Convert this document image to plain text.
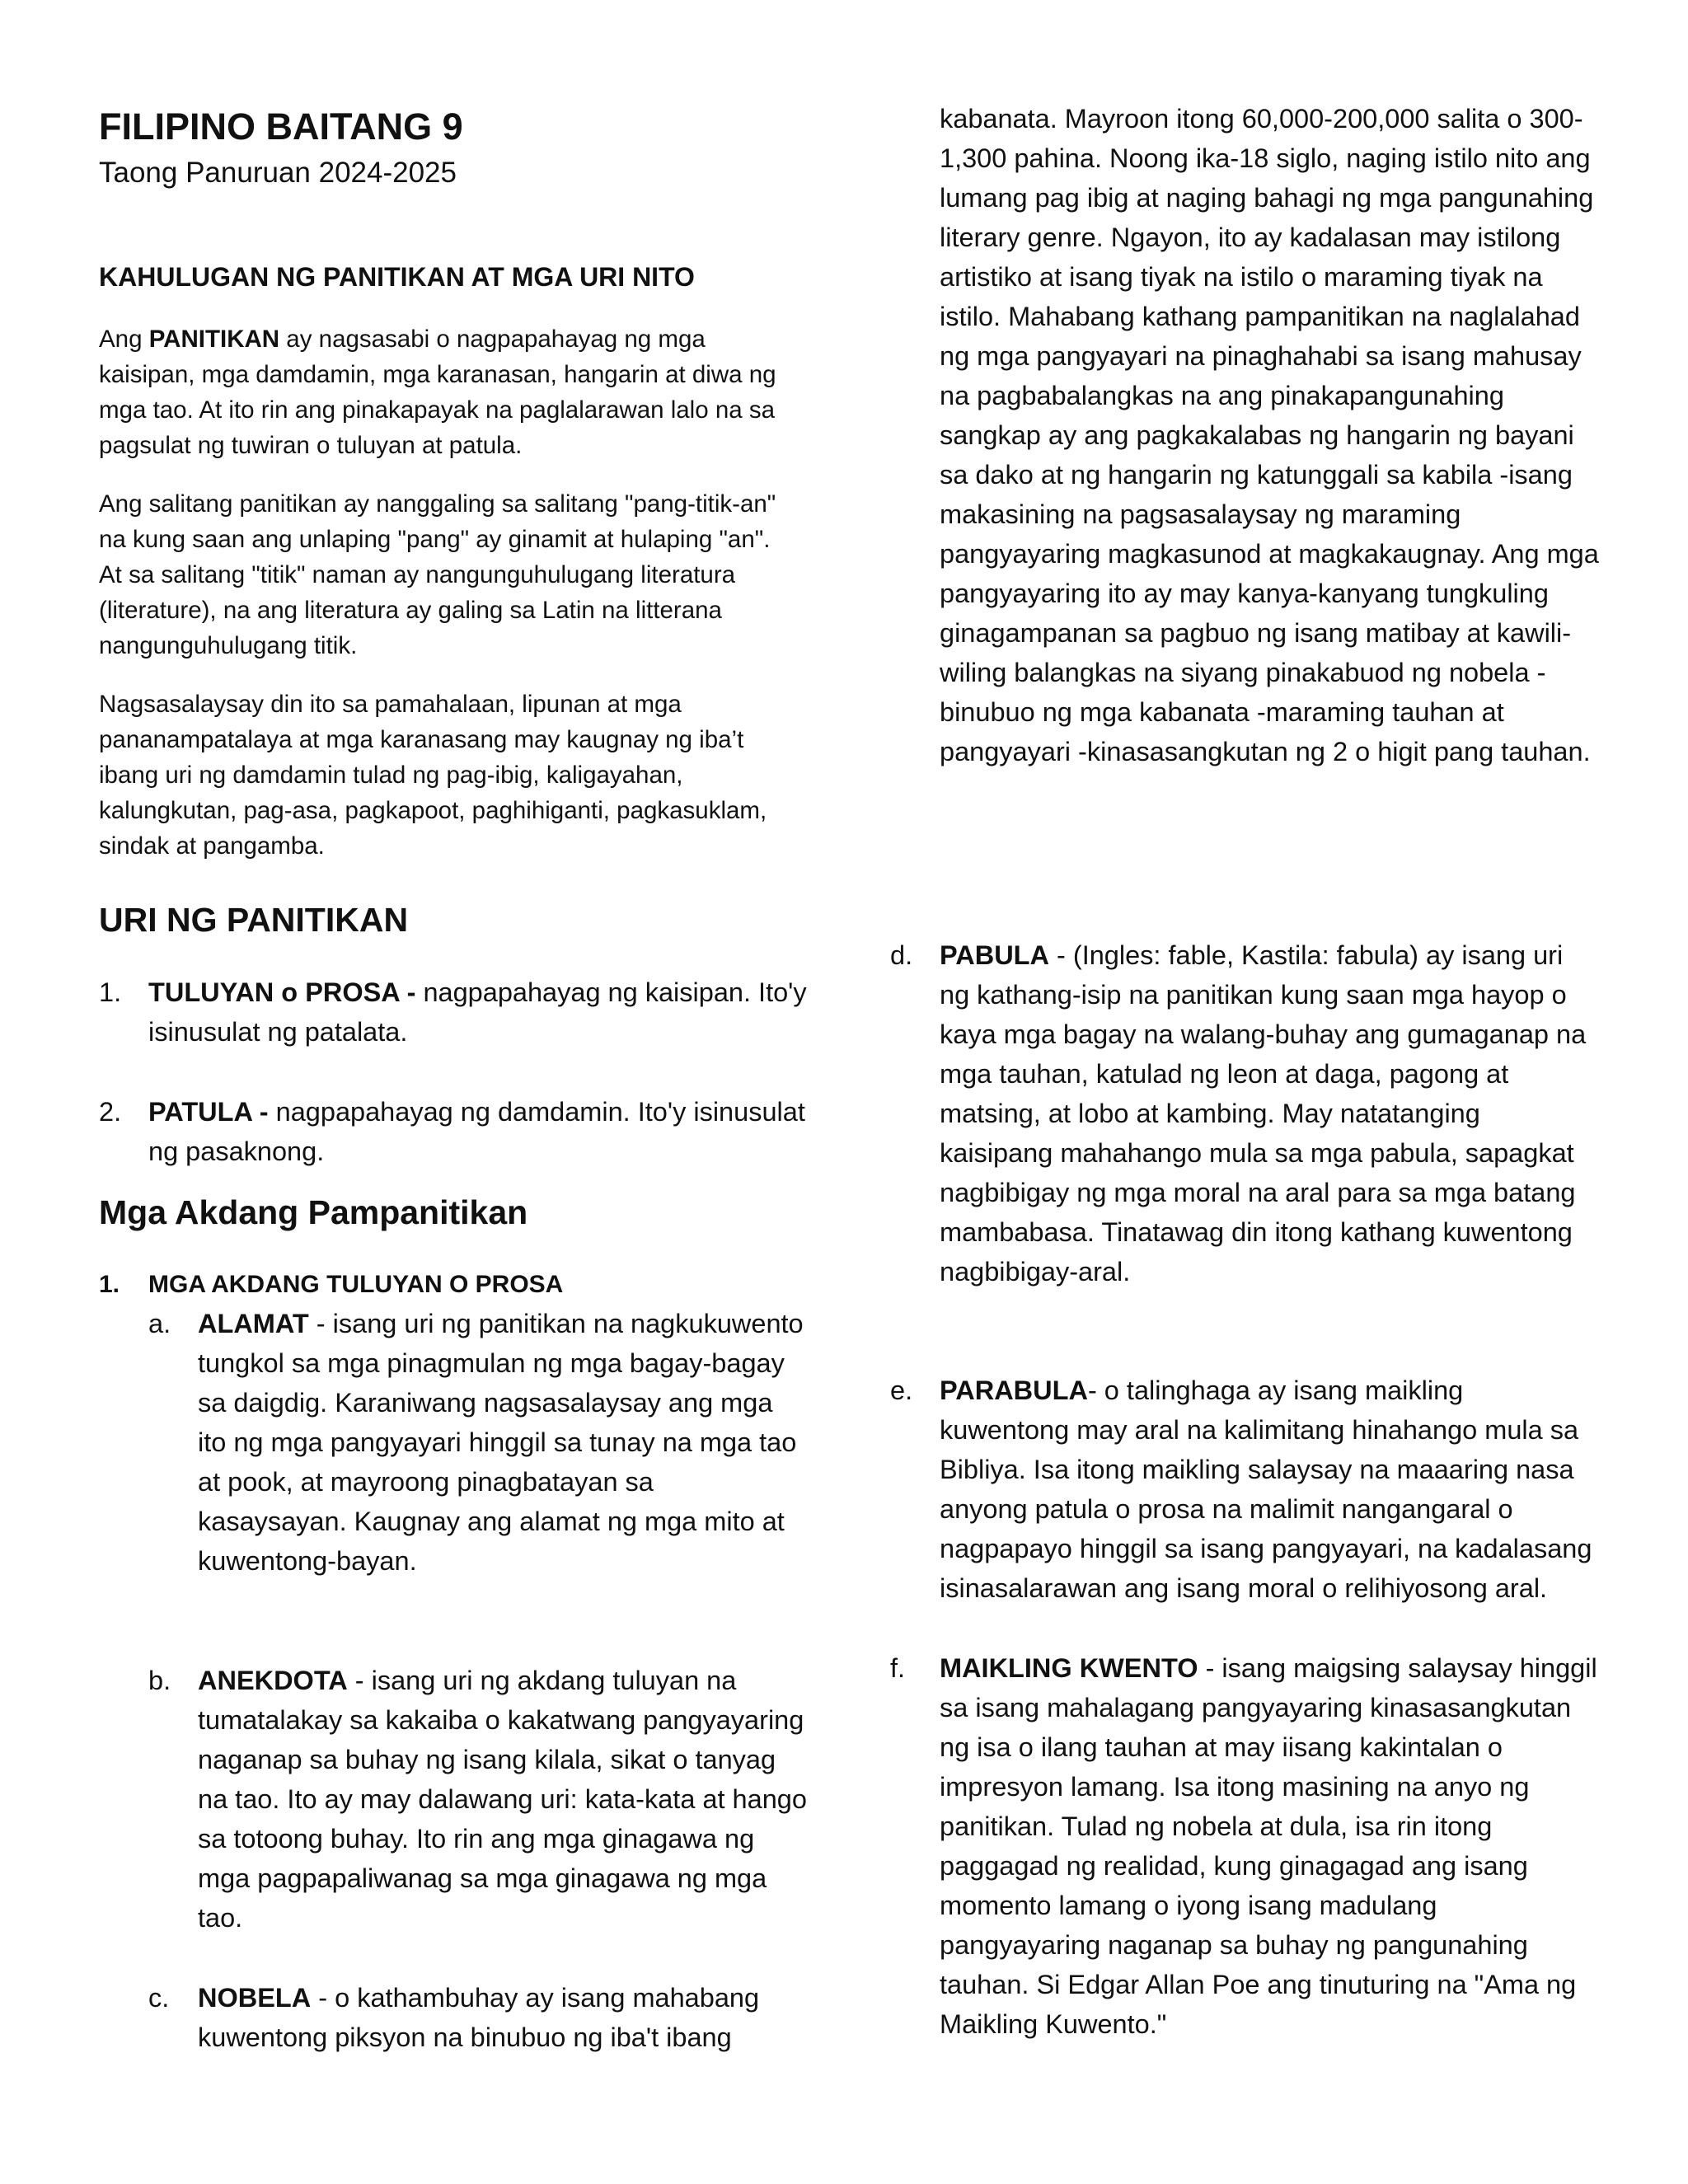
FILIPINO BAITANG 9
Taong Panuruan 2024-2025
KAHULUGAN NG PANITIKAN AT MGA URI NITO

Ang PANITIKAN ay nagsasabi o nagpapahayag ng mga kaisipan, mga damdamin, mga karanasan, hangarin at diwa ng mga tao. At ito rin ang pinakapayak na paglalarawan lalo na sa pagsulat ng tuwiran o tuluyan at patula.

Ang salitang panitikan ay nanggaling sa salitang "pang-titik-an" na kung saan ang unlaping "pang" ay ginamit at hulaping "an". At sa salitang "titik" naman ay nangunguhulugang literatura (literature), na ang literatura ay galing sa Latin na litterana nangunguhulugang titik.

Nagsasalaysay din ito sa pamahalaan, lipunan at mga pananampatalaya at mga karanasang may kaugnay ng iba’t ibang uri ng damdamin tulad ng pag-ibig, kaligayahan, kalungkutan, pag-asa, pagkapoot, paghihiganti, pagkasuklam, sindak at pangamba.

URI NG PANITIKAN
1. TULUYAN o PROSA - nagpapahayag ng kaisipan. Ito'y isinusulat ng patalata.
2. PATULA - nagpapahayag ng damdamin. Ito'y isinusulat ng pasaknong.
Mga Akdang Pampanitikan
1. MGA AKDANG TULUYAN O PROSA
a. ALAMAT - isang uri ng panitikan na nagkukuwento tungkol sa mga pinagmulan ng mga bagay-bagay sa daigdig. Karaniwang nagsasalaysay ang mga ito ng mga pangyayari hinggil sa tunay na mga tao at pook, at mayroong pinagbatayan sa kasaysayan. Kaugnay ang alamat ng mga mito at kuwentong-bayan.
b. ANEKDOTA - isang uri ng akdang tuluyan na tumatalakay sa kakaiba o kakatwang pangyayaring naganap sa buhay ng isang kilala, sikat o tanyag na tao. Ito ay may dalawang uri: kata-kata at hango sa totoong buhay. Ito rin ang mga ginagawa ng mga pagpapaliwanag sa mga ginagawa ng mga tao.
c. NOBELA - o kathambuhay ay isang mahabang kuwentong piksyon na binubuo ng iba't ibang
kabanata. Mayroon itong 60,000-200,000 salita o 300-1,300 pahina. Noong ika-18 siglo, naging istilo nito ang lumang pag ibig at naging bahagi ng mga pangunahing literary genre. Ngayon, ito ay kadalasan may istilong artistiko at isang tiyak na istilo o maraming tiyak na istilo. Mahabang kathang pampanitikan na naglalahad ng mga pangyayari na pinaghahabi sa isang mahusay na pagbabalangkas na ang pinakapangunahing sangkap ay ang pagkakalabas ng hangarin ng bayani sa dako at ng hangarin ng katunggali sa kabila -isang makasining na pagsasalaysay ng maraming pangyayaring magkasunod at magkakaugnay. Ang mga pangyayaring ito ay may kanya-kanyang tungkuling ginagampanan sa pagbuo ng isang matibay at kawili-wiling balangkas na siyang pinakabuod ng nobela -binubuo ng mga kabanata -maraming tauhan at pangyayari -kinasasangkutan ng 2 o higit pang tauhan.
d. PABULA - (Ingles: fable, Kastila: fabula) ay isang uri ng kathang-isip na panitikan kung saan mga hayop o kaya mga bagay na walang-buhay ang gumaganap na mga tauhan, katulad ng leon at daga, pagong at matsing, at lobo at kambing. May natatanging kaisipang mahahango mula sa mga pabula, sapagkat nagbibigay ng mga moral na aral para sa mga batang mambabasa. Tinatawag din itong kathang kuwentong nagbibigay-aral.
e. PARABULA- o talinghaga ay isang maikling kuwentong may aral na kalimitang hinahango mula sa Bibliya. Isa itong maikling salaysay na maaaring nasa anyong patula o prosa na malimit nangangaral o nagpapayo hinggil sa isang pangyayari, na kadalasang isinasalarawan ang isang moral o relihiyosong aral.
f. MAIKLING KWENTO - isang maigsing salaysay hinggil sa isang mahalagang pangyayaring kinasasangkutan ng isa o ilang tauhan at may iisang kakintalan o impresyon lamang. Isa itong masining na anyo ng panitikan. Tulad ng nobela at dula, isa rin itong paggagad ng realidad, kung ginagagad ang isang momento lamang o iyong isang madulang pangyayaring naganap sa buhay ng pangunahing tauhan. Si Edgar Allan Poe ang tinuturing na "Ama ng Maikling Kuwento."
